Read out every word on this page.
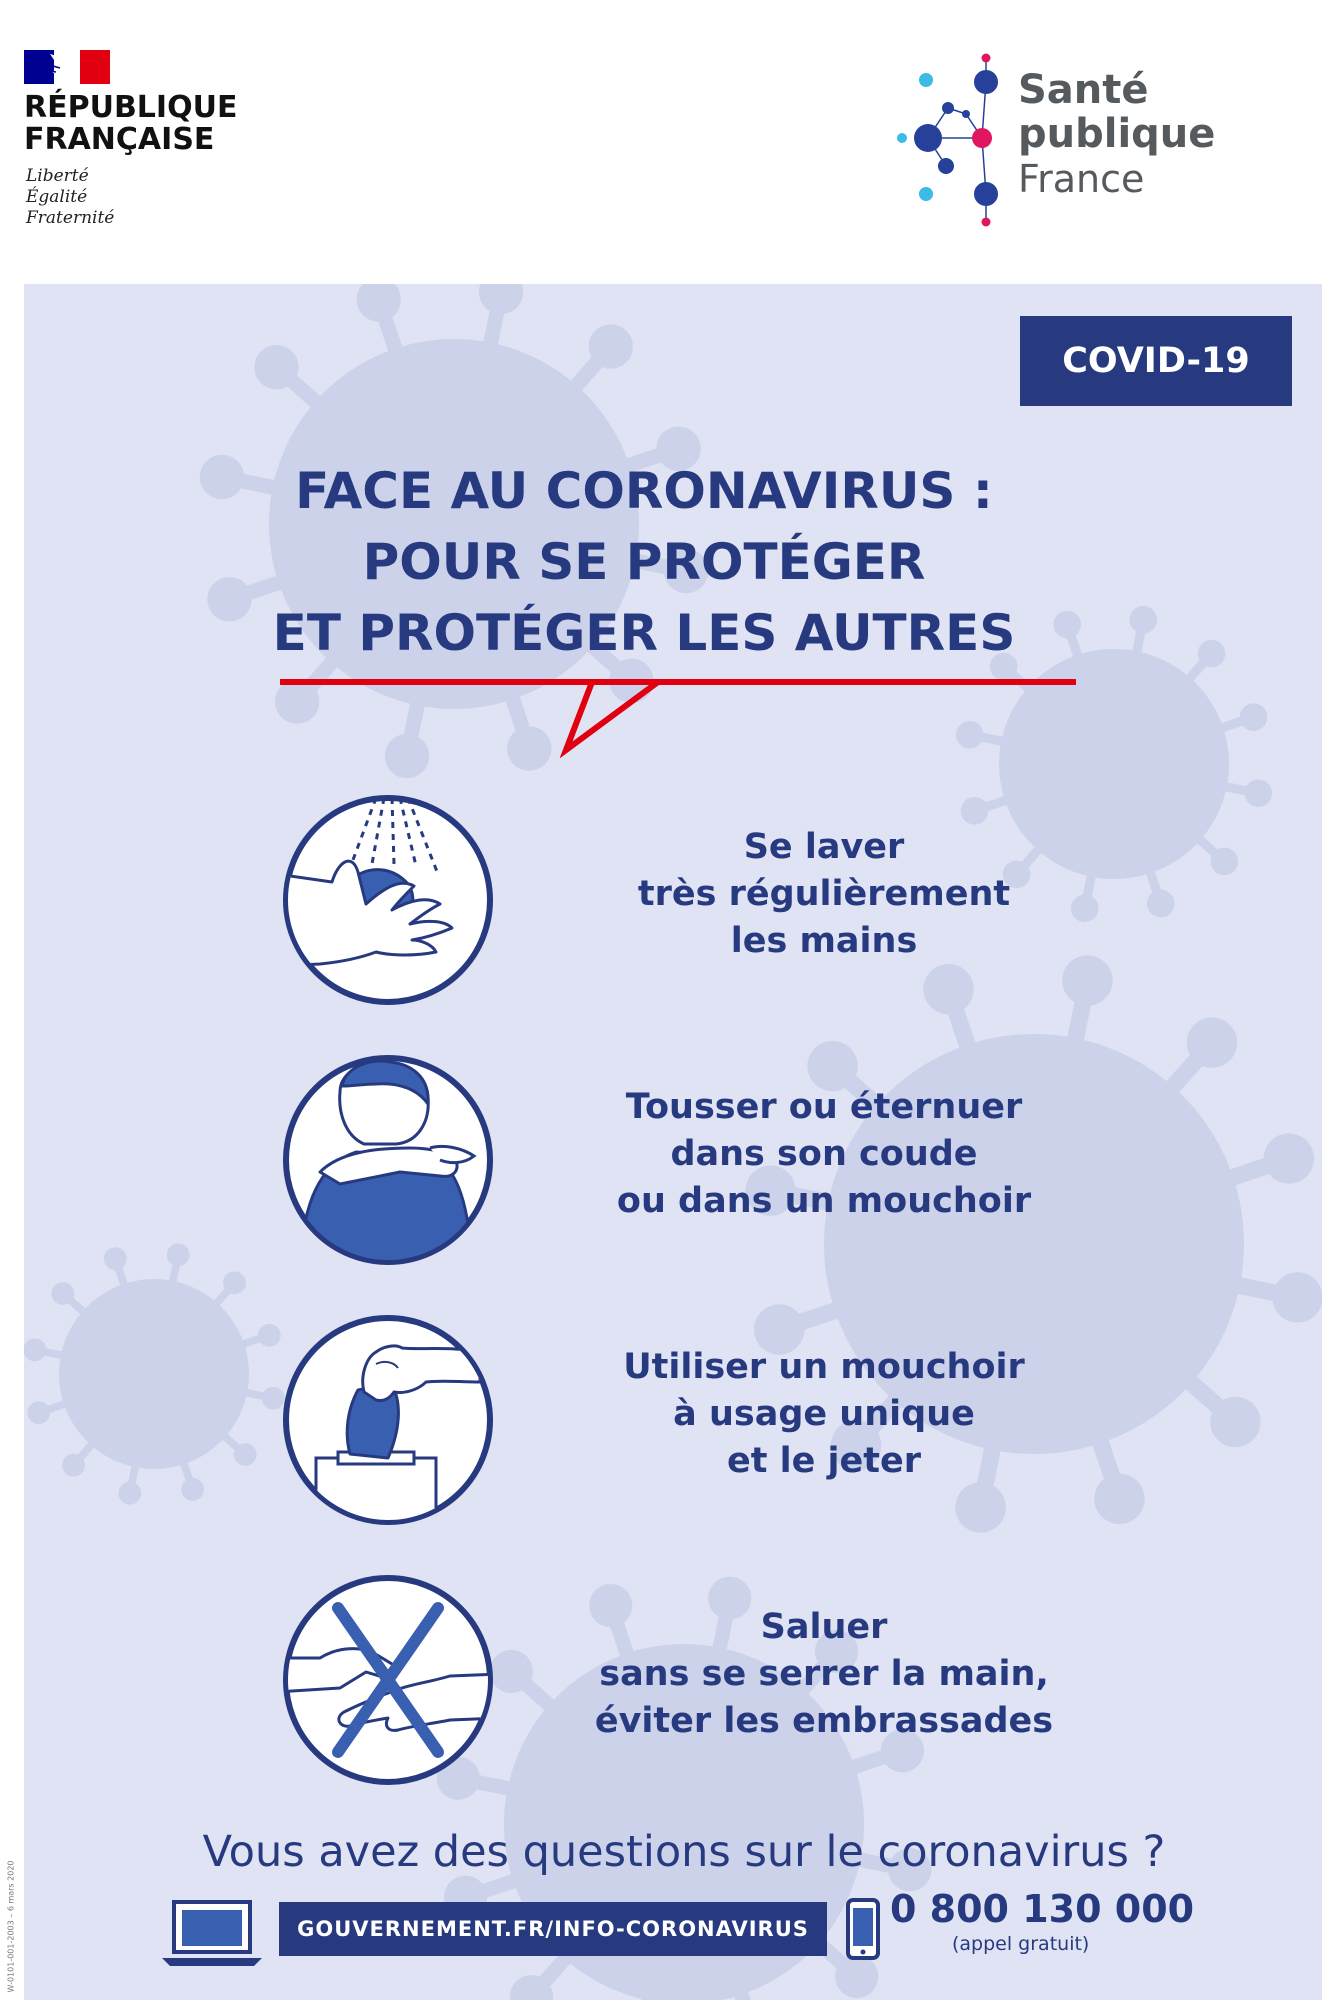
RÉPUBLIQUE
FRANÇAISE
Liberté
Égalité
Fraternité
Santé
publique
France
COVID-19
FACE AU CORONAVIRUS :
POUR SE PROTÉGER
ET PROTÉGER LES AUTRES
Se laver
très régulièrement
les mains
Tousser ou éternuer
dans son coude
ou dans un mouchoir
Utiliser un mouchoir
à usage unique
et le jeter
Saluer
sans se serrer la main,
éviter les embrassades
Vous avez des questions sur le coronavirus ?
GOUVERNEMENT.FR/INFO-CORONAVIRUS	0 800 130 000
(appel gratuit)
W-0101-001-2003 – 6 mars 2020
